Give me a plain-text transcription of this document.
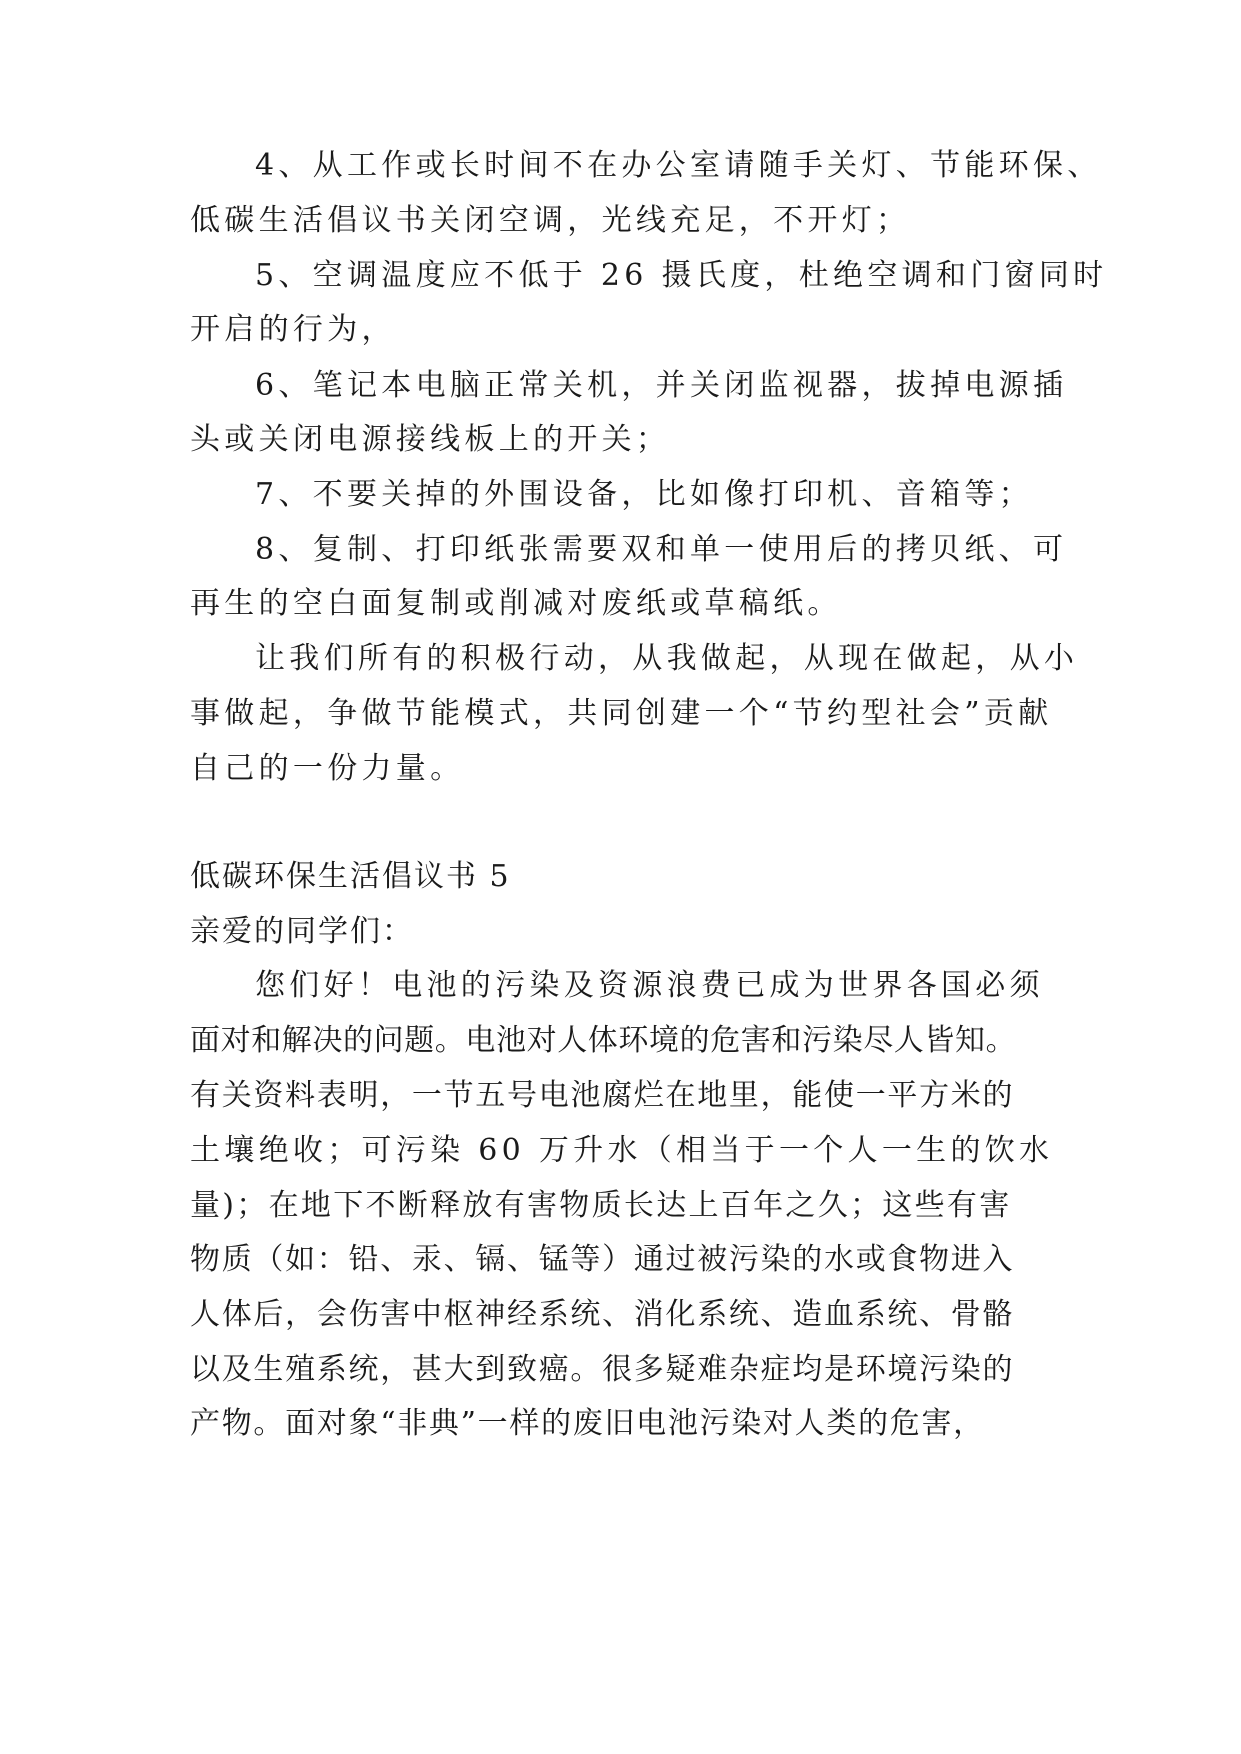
4、从工作或长时间不在办公室请随手关灯、节能环保、

低碳生活倡议书关闭空调，光线充足，不开灯；

5、空调温度应不低于 26 摄氏度，杜绝空调和门窗同时

开启的行为，

6、笔记本电脑正常关机，并关闭监视器，拔掉电源插

头或关闭电源接线板上的开关；

7、不要关掉的外围设备，比如像打印机、音箱等；

8、复制、打印纸张需要双和单一使用后的拷贝纸、可

再生的空白面复制或削减对废纸或草稿纸。

让我们所有的积极行动，从我做起，从现在做起，从小

事做起，争做节能模式，共同创建一个“节约型社会”贡献

自己的一份力量。

低碳环保生活倡议书 5

亲爱的同学们：

您们好！电池的污染及资源浪费已成为世界各国必须

面对和解决的问题。电池对人体环境的危害和污染尽人皆知。

有关资料表明，一节五号电池腐烂在地里，能使一平方米的

土壤绝收；可污染 60 万升水（相当于一个人一生的饮水

量)；在地下不断释放有害物质长达上百年之久；这些有害

物质（如：铅、汞、镉、锰等）通过被污染的水或食物进入

人体后，会伤害中枢神经系统、消化系统、造血系统、骨骼

以及生殖系统，甚大到致癌。很多疑难杂症均是环境污染的

产物。面对象“非典”一样的废旧电池污染对人类的危害，
